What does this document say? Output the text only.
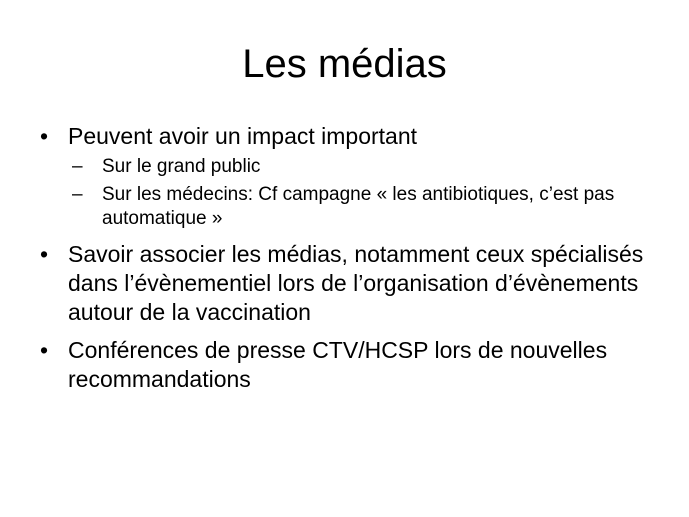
Les médias
• Peuvent avoir un impact important
– Sur le grand public
– Sur les médecins: Cf campagne « les antibiotiques, c’est pas automatique »
• Savoir associer les médias, notamment ceux spécialisés dans l’évènementiel lors de l’organisation d’évènements autour de la vaccination
• Conférences de presse CTV/HCSP lors de nouvelles recommandations
